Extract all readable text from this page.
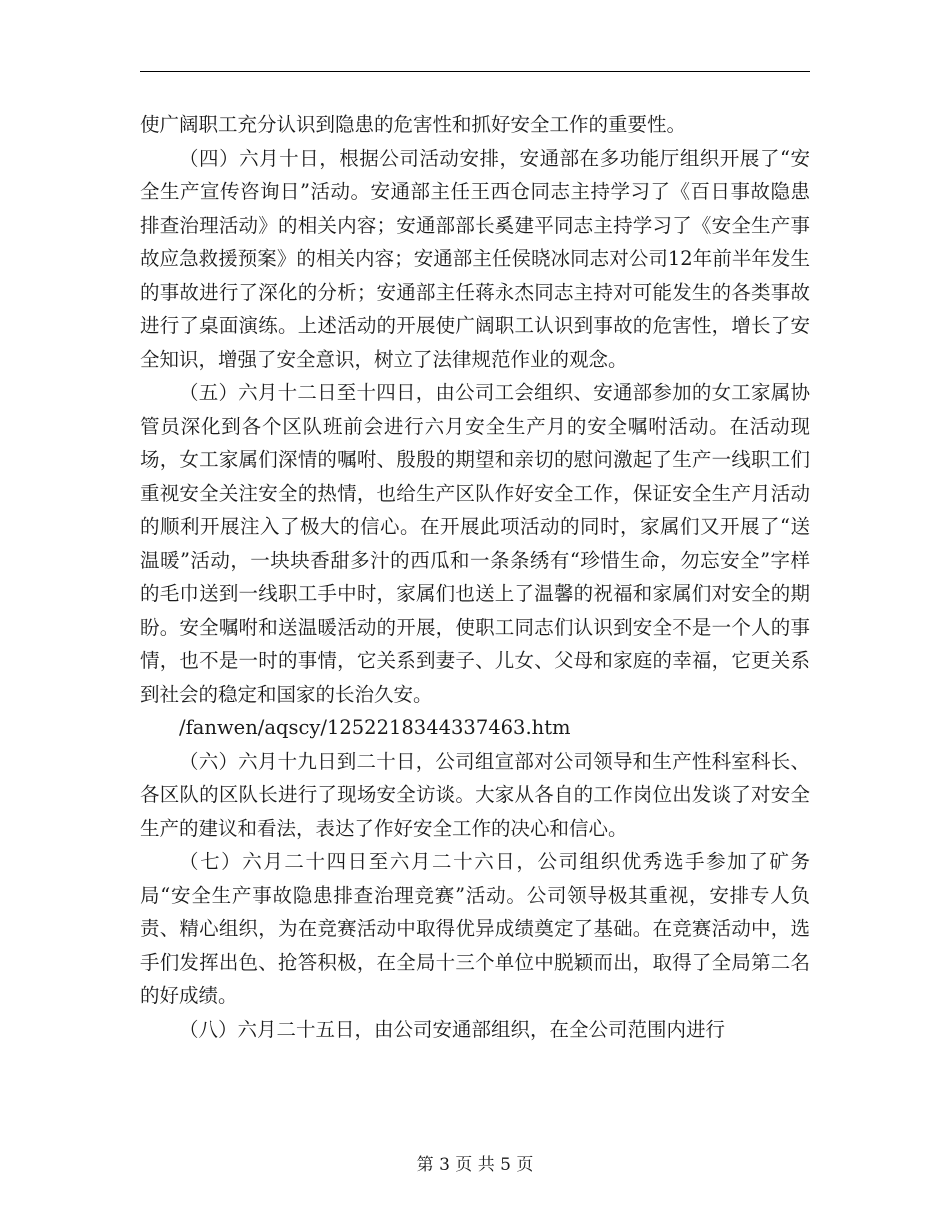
使广阔职工充分认识到隐患的危害性和抓好安全工作的重要性。

（四）六月十日，根据公司活动安排，安通部在多功能厅组织开展了“安全生产宣传咨询日”活动。安通部主任王西仓同志主持学习了《百日事故隐患排查治理活动》的相关内容；安通部部长奚建平同志主持学习了《安全生产事故应急救援预案》的相关内容；安通部主任侯晓冰同志对公司12年前半年发生的事故进行了深化的分析；安通部主任蒋永杰同志主持对可能发生的各类事故进行了桌面演练。上述活动的开展使广阔职工认识到事故的危害性，增长了安全知识，增强了安全意识，树立了法律规范作业的观念。

（五）六月十二日至十四日，由公司工会组织、安通部参加的女工家属协管员深化到各个区队班前会进行六月安全生产月的安全嘱咐活动。在活动现场，女工家属们深情的嘱咐、殷殷的期望和亲切的慰问激起了生产一线职工们重视安全关注安全的热情，也给生产区队作好安全工作，保证安全生产月活动的顺利开展注入了极大的信心。在开展此项活动的同时，家属们又开展了“送温暖”活动，一块块香甜多汁的西瓜和一条条绣有“珍惜生命，勿忘安全”字样的毛巾送到一线职工手中时，家属们也送上了温馨的祝福和家属们对安全的期盼。安全嘱咐和送温暖活动的开展，使职工同志们认识到安全不是一个人的事情，也不是一时的事情，它关系到妻子、儿女、父母和家庭的幸福，它更关系到社会的稳定和国家的长治久安。

/fanwen/aqscy/1252218344337463.htm

（六）六月十九日到二十日，公司组宣部对公司领导和生产性科室科长、各区队的区队长进行了现场安全访谈。大家从各自的工作岗位出发谈了对安全生产的建议和看法，表达了作好安全工作的决心和信心。

（七）六月二十四日至六月二十六日，公司组织优秀选手参加了矿务局“安全生产事故隐患排查治理竞赛”活动。公司领导极其重视，安排专人负责、精心组织，为在竞赛活动中取得优异成绩奠定了基础。在竞赛活动中，选手们发挥出色、抢答积极，在全局十三个单位中脱颖而出，取得了全局第二名的好成绩。

（八）六月二十五日，由公司安通部组织，在全公司范围内进行

第 3 页 共 5 页
